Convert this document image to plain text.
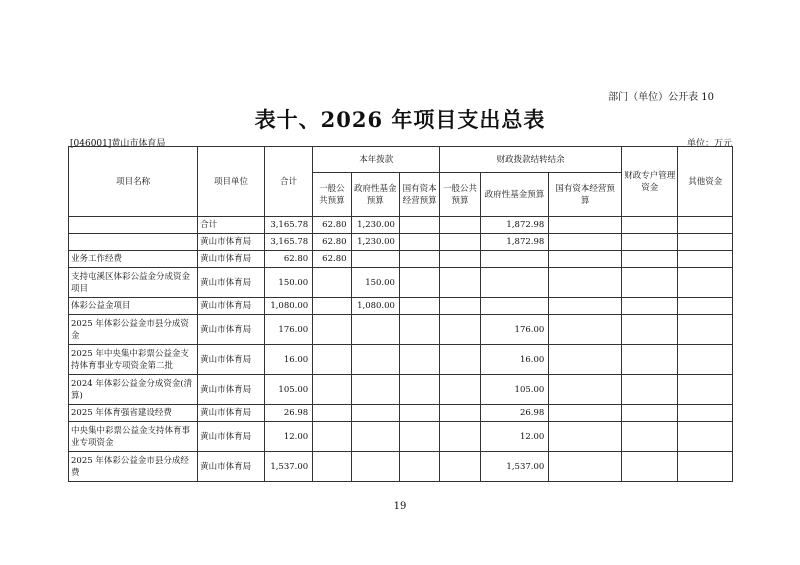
部门（单位）公开表 10
表十、2026 年项目支出总表
[046001]黄山市体育局	单位：万元
项目名称	项目单位	合计	本年拨款			财政拨款结转结余			财政专户管理资金	其他资金
			一般公共预算	政府性基金预算	国有资本经营预算	一般公共预算	政府性基金预算	国有资本经营预算		
	合计	3,165.78	62.80	1,230.00			1,872.98			
	黄山市体育局	3,165.78	62.80	1,230.00			1,872.98			
业务工作经费	黄山市体育局	62.80	62.80							
支持屯溪区体彩公益金分成资金项目	黄山市体育局	150.00		150.00						
体彩公益金项目	黄山市体育局	1,080.00		1,080.00						
2025 年体彩公益金市县分成资金	黄山市体育局	176.00					176.00			
2025 年中央集中彩票公益金支持体育事业专项资金第二批	黄山市体育局	16.00					16.00			
2024 年体彩公益金分成资金(清算)	黄山市体育局	105.00					105.00			
2025 年体育强省建设经费	黄山市体育局	26.98					26.98			
中央集中彩票公益金支持体育事业专项资金	黄山市体育局	12.00					12.00			
2025 年体彩公益金市县分成经费	黄山市体育局	1,537.00					1,537.00			
19
